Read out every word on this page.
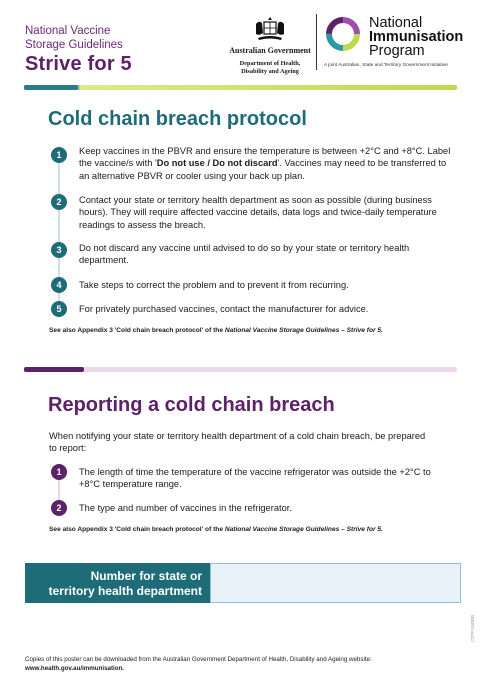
National Vaccine
Storage Guidelines
Strive for 5
Australian Government
Department of Health,
Disability and Ageing
National
Immunisation
Program
A joint Australian, State and Territory Government Initiative
Cold chain breach protocol
1	Keep vaccines in the PBVR and ensure the temperature is between +2°C and +8°C. Label the vaccine/s with 'Do not use / Do not discard'. Vaccines may need to be transferred to an alternative PBVR or cooler using your back up plan.
2	Contact your state or territory health department as soon as possible (during business hours). They will require affected vaccine details, data logs and twice-daily temperature readings to assess the breach.
3	Do not discard any vaccine until advised to do so by your state or territory health department.
4	Take steps to correct the problem and to prevent it from recurring.
5	For privately purchased vaccines, contact the manufacturer for advice.
See also Appendix 3 'Cold chain breach protocol' of the National Vaccine Storage Guidelines – Strive for 5.
Reporting a cold chain breach
When notifying your state or territory health department of a cold chain breach, be prepared to report:
1	The length of time the temperature of the vaccine refrigerator was outside the +2°C to +8°C temperature range.
2	The type and number of vaccines in the refrigerator.
See also Appendix 3 'Cold chain breach protocol' of the National Vaccine Storage Guidelines – Strive for 5.
Number for state or
territory health department
Copies of this poster can be downloaded from the Australian Government Department of Health, Disability and Ageing website:
www.health.gov.au/immunisation.
CTPP104890
